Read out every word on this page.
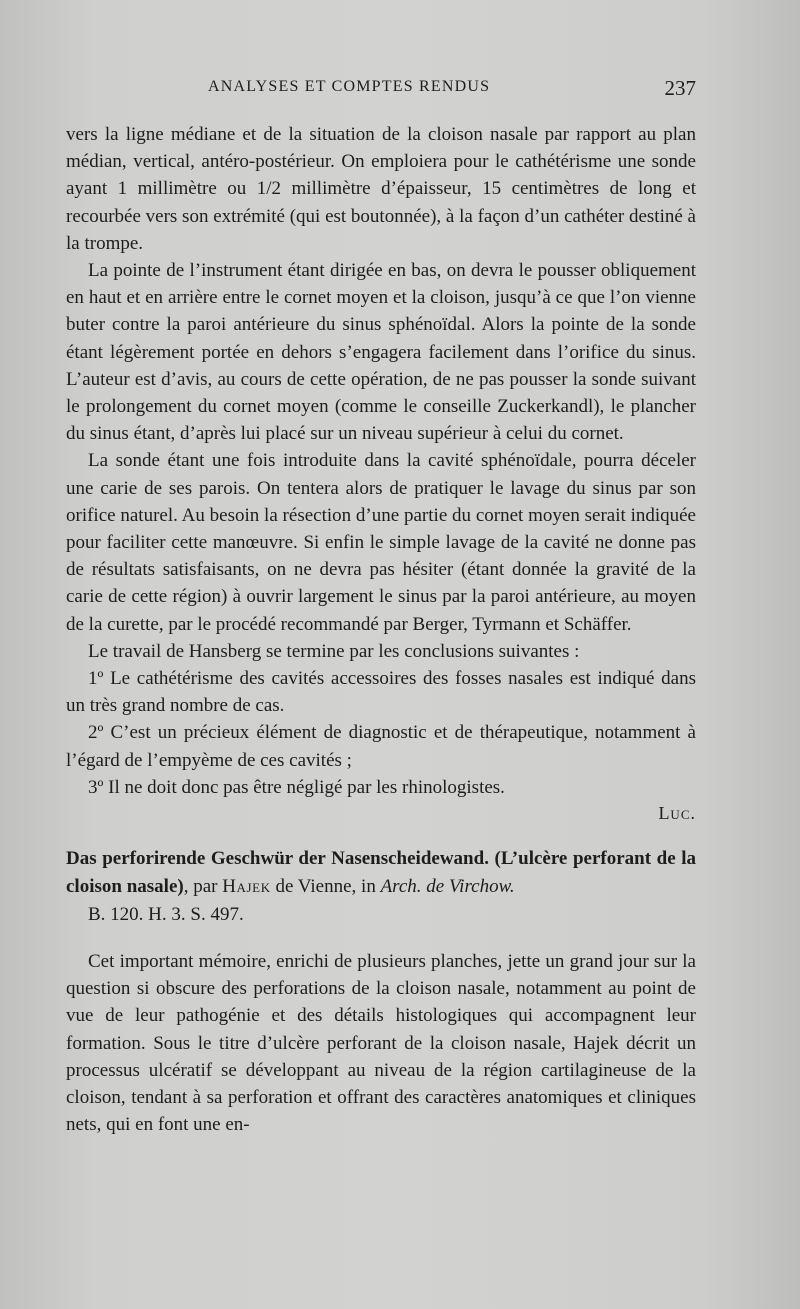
ANALYSES ET COMPTES RENDUS	237

vers la ligne médiane et de la situation de la cloison nasale par rapport au plan médian, vertical, antéro-postérieur. On emploiera pour le cathétérisme une sonde ayant 1 millimètre ou 1/2 millimètre d’épaisseur, 15 centimètres de long et recourbée vers son extrémité (qui est boutonnée), à la façon d’un cathéter destiné à la trompe.

La pointe de l’instrument étant dirigée en bas, on devra le pousser obliquement en haut et en arrière entre le cornet moyen et la cloison, jusqu’à ce que l’on vienne buter contre la paroi antérieure du sinus sphénoïdal. Alors la pointe de la sonde étant légèrement portée en dehors s’engagera facilement dans l’orifice du sinus. L’auteur est d’avis, au cours de cette opération, de ne pas pousser la sonde suivant le prolongement du cornet moyen (comme le conseille Zuckerkandl), le plancher du sinus étant, d’après lui placé sur un niveau supérieur à celui du cornet.

La sonde étant une fois introduite dans la cavité sphénoïdale, pourra déceler une carie de ses parois. On tentera alors de pratiquer le lavage du sinus par son orifice naturel. Au besoin la résection d’une partie du cornet moyen serait indiquée pour faciliter cette manœuvre. Si enfin le simple lavage de la cavité ne donne pas de résultats satisfaisants, on ne devra pas hésiter (étant donnée la gravité de la carie de cette région) à ouvrir largement le sinus par la paroi antérieure, au moyen de la curette, par le procédé recommandé par Berger, Tyrmann et Schäffer.

Le travail de Hansberg se termine par les conclusions suivantes :

1º Le cathétérisme des cavités accessoires des fosses nasales est indiqué dans un très grand nombre de cas.

2º C’est un précieux élément de diagnostic et de thérapeutique, notamment à l’égard de l’empyème de ces cavités ;

3º Il ne doit donc pas être négligé par les rhinologistes.

Luc.

Das perforirende Geschwür der Nasenscheidewand. (L’ulcère perforant de la cloison nasale), par Hajek de Vienne, in Arch. de Virchow.
B. 120. H. 3. S. 497.

Cet important mémoire, enrichi de plusieurs planches, jette un grand jour sur la question si obscure des perforations de la cloison nasale, notamment au point de vue de leur pathogénie et des détails histologiques qui accompagnent leur formation. Sous le titre d’ulcère perforant de la cloison nasale, Hajek décrit un processus ulcératif se développant au niveau de la région cartilagineuse de la cloison, tendant à sa perforation et offrant des caractères anatomiques et cliniques nets, qui en font une en-
